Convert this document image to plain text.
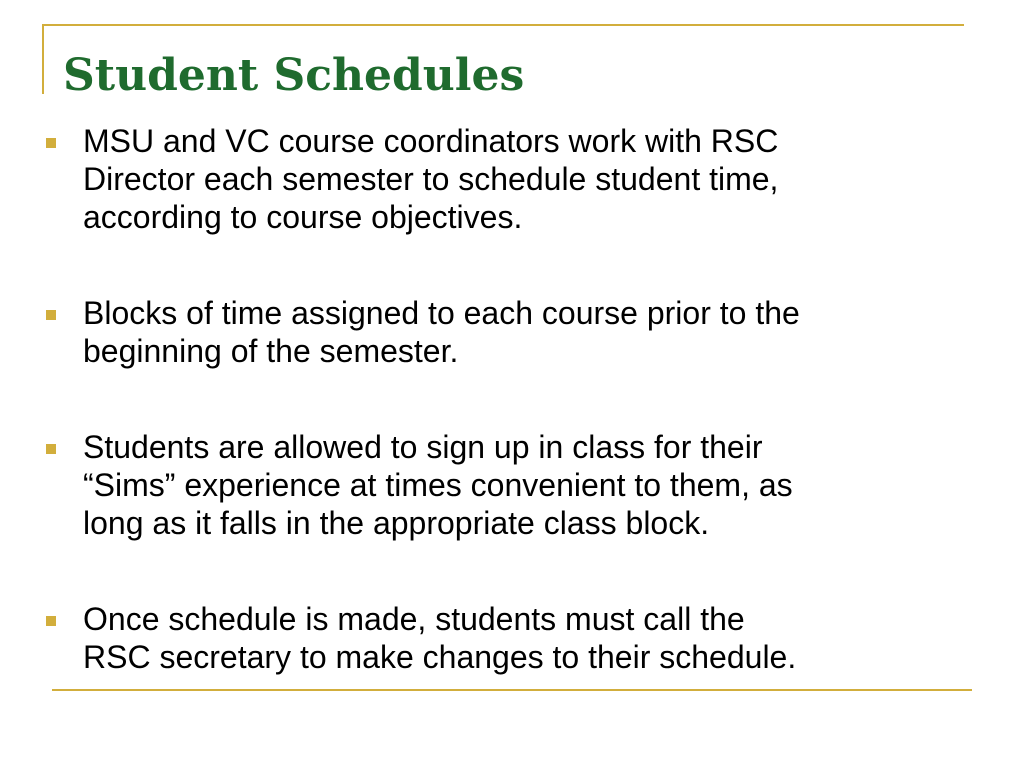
Student Schedules
MSU and VC course coordinators work with RSC
Director each semester to schedule student time,
according to course objectives.
Blocks of time assigned to each course prior to the
beginning of the semester.
Students are allowed to sign up in class for their
“Sims” experience at times convenient to them, as
long as it falls in the appropriate class block.
Once schedule is made, students must call the
RSC secretary to make changes to their schedule.
